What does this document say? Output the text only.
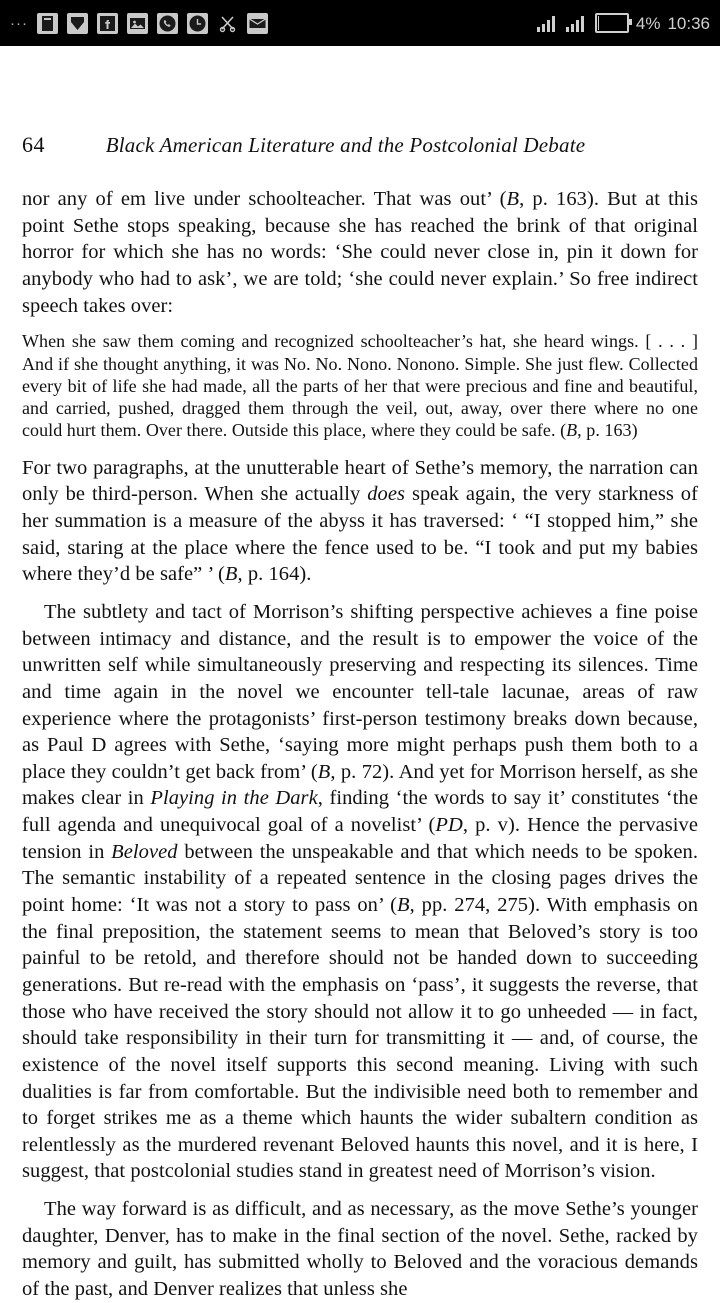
···	4% 10:36
64	Black American Literature and the Postcolonial Debate

nor any of em live under schoolteacher. That was out’ (B, p. 163). But at this point Sethe stops speaking, because she has reached the brink of that original horror for which she has no words: ‘She could never close in, pin it down for anybody who had to ask’, we are told; ‘she could never explain.’ So free indirect speech takes over:

When she saw them coming and recognized schoolteacher’s hat, she heard wings. [ . . . ] And if she thought anything, it was No. No. Nono. Nonono. Simple. She just flew. Collected every bit of life she had made, all the parts of her that were precious and fine and beautiful, and carried, pushed, dragged them through the veil, out, away, over there where no one could hurt them. Over there. Outside this place, where they could be safe. (B, p. 163)

For two paragraphs, at the unutterable heart of Sethe’s memory, the narration can only be third-person. When she actually does speak again, the very starkness of her summation is a measure of the abyss it has traversed: ‘ “I stopped him,” she said, staring at the place where the fence used to be. “I took and put my babies where they’d be safe” ’ (B, p. 164).

The subtlety and tact of Morrison’s shifting perspective achieves a fine poise between intimacy and distance, and the result is to empower the voice of the unwritten self while simultaneously preserving and respecting its silences. Time and time again in the novel we encounter tell-tale lacunae, areas of raw experience where the protagonists’ first-person testimony breaks down because, as Paul D agrees with Sethe, ‘saying more might perhaps push them both to a place they couldn’t get back from’ (B, p. 72). And yet for Morrison herself, as she makes clear in Playing in the Dark, finding ‘the words to say it’ constitutes ‘the full agenda and unequivocal goal of a novelist’ (PD, p. v). Hence the pervasive tension in Beloved between the unspeakable and that which needs to be spoken. The semantic instability of a repeated sentence in the closing pages drives the point home: ‘It was not a story to pass on’ (B, pp. 274, 275). With emphasis on the final preposition, the statement seems to mean that Beloved’s story is too painful to be retold, and therefore should not be handed down to succeeding generations. But re-read with the emphasis on ‘pass’, it suggests the reverse, that those who have received the story should not allow it to go unheeded — in fact, should take responsibility in their turn for transmitting it — and, of course, the existence of the novel itself supports this second meaning. Living with such dualities is far from comfortable. But the indivisible need both to remember and to forget strikes me as a theme which haunts the wider subaltern condition as relentlessly as the murdered revenant Beloved haunts this novel, and it is here, I suggest, that postcolonial studies stand in greatest need of Morrison’s vision.

The way forward is as difficult, and as necessary, as the move Sethe’s younger daughter, Denver, has to make in the final section of the novel. Sethe, racked by memory and guilt, has submitted wholly to Beloved and the voracious demands of the past, and Denver realizes that unless she
